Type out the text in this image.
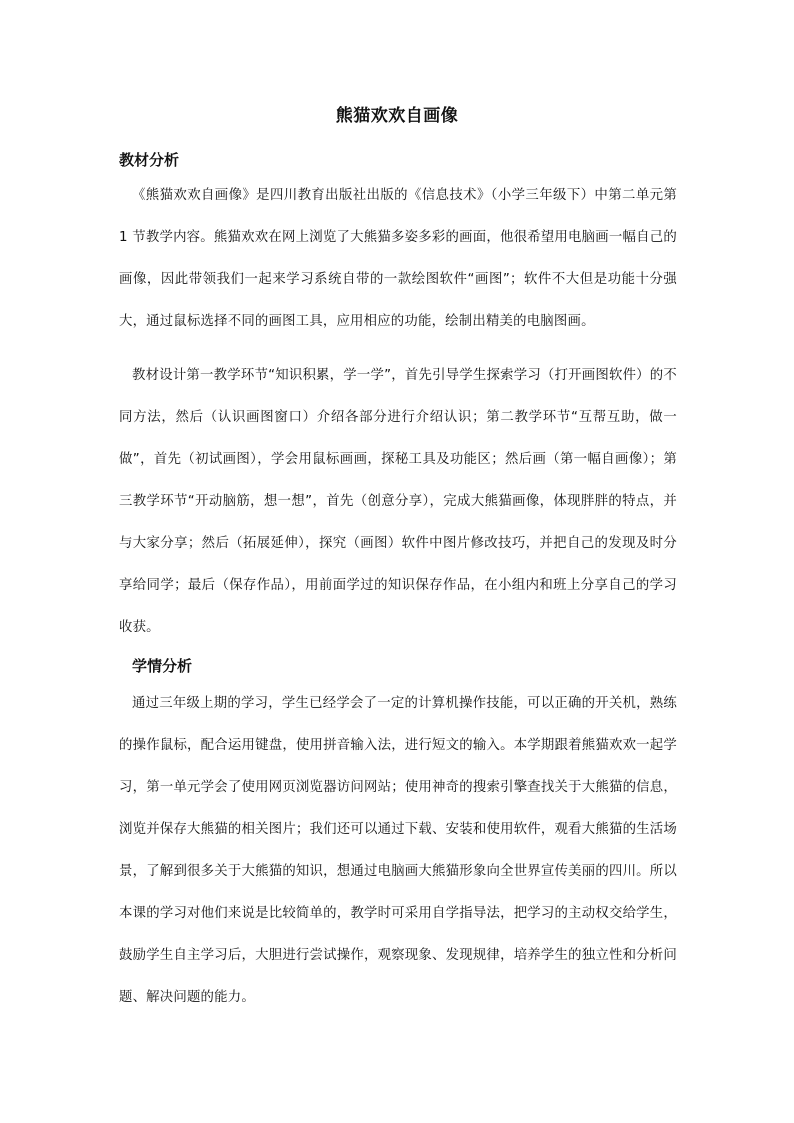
熊猫欢欢自画像
教材分析

《熊猫欢欢自画像》是四川教育出版社出版的《信息技术》（小学三年级下）中第二单元第 1 节教学内容。熊猫欢欢在网上浏览了大熊猫多姿多彩的画面，他很希望用电脑画一幅自己的画像，因此带领我们一起来学习系统自带的一款绘图软件“画图”；软件不大但是功能十分强大，通过鼠标选择不同的画图工具，应用相应的功能，绘制出精美的电脑图画。

教材设计第一教学环节“知识积累，学一学”，首先引导学生探索学习（打开画图软件）的不同方法，然后（认识画图窗口）介绍各部分进行介绍认识；第二教学环节“互帮互助，做一做”，首先（初试画图），学会用鼠标画画，探秘工具及功能区；然后画（第一幅自画像）；第三教学环节“开动脑筋，想一想”，首先（创意分享），完成大熊猫画像，体现胖胖的特点，并与大家分享；然后（拓展延伸），探究（画图）软件中图片修改技巧，并把自己的发现及时分享给同学；最后（保存作品），用前面学过的知识保存作品，在小组内和班上分享自己的学习收获。

学情分析

通过三年级上期的学习，学生已经学会了一定的计算机操作技能，可以正确的开关机，熟练的操作鼠标，配合运用键盘，使用拼音输入法，进行短文的输入。本学期跟着熊猫欢欢一起学习，第一单元学会了使用网页浏览器访问网站；使用神奇的搜索引擎查找关于大熊猫的信息，浏览并保存大熊猫的相关图片；我们还可以通过下载、安装和使用软件，观看大熊猫的生活场景，了解到很多关于大熊猫的知识，想通过电脑画大熊猫形象向全世界宣传美丽的四川。所以本课的学习对他们来说是比较简单的，教学时可采用自学指导法，把学习的主动权交给学生，鼓励学生自主学习后，大胆进行尝试操作，观察现象、发现规律，培养学生的独立性和分析问题、解决问题的能力。
